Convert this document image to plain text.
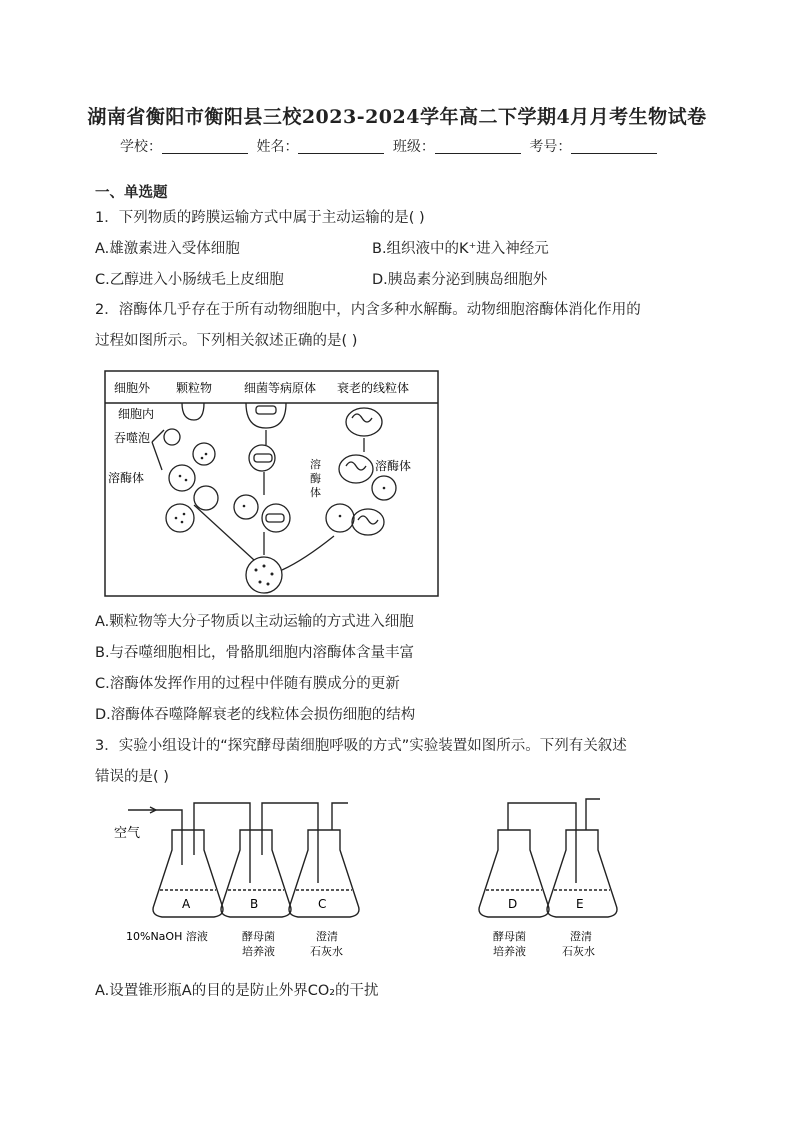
湖南省衡阳市衡阳县三校2023-2024学年高二下学期4月月考生物试卷
学校：	姓名：	班级：	考号：
一、单选题
1．下列物质的跨膜运输方式中属于主动运输的是( )
A.雄激素进入受体细胞	B.组织液中的K⁺进入神经元
C.乙醇进入小肠绒毛上皮细胞	D.胰岛素分泌到胰岛细胞外
2．溶酶体几乎存在于所有动物细胞中，内含多种水解酶。动物细胞溶酶体消化作用的
过程如图所示。下列相关叙述正确的是( )
细胞外 颗粒物	细菌等病原体 衰老的线粒体
细胞内
吞噬泡
溶酶体
溶酶体
溶
酶
体
A.颗粒物等大分子物质以主动运输的方式进入细胞
B.与吞噬细胞相比，骨骼肌细胞内溶酶体含量丰富
C.溶酶体发挥作用的过程中伴随有膜成分的更新
D.溶酶体吞噬降解衰老的线粒体会损伤细胞的结构
3．实验小组设计的“探究酵母菌细胞呼吸的方式”实验装置如图所示。下列有关叙述
错误的是( )
空气
A	B	C	D	E
10%NaOH 溶液	酵母菌
培养液
澄清
石灰水
酵母菌
培养液
澄清
石灰水
A.设置锥形瓶A的目的是防止外界CO₂的干扰
